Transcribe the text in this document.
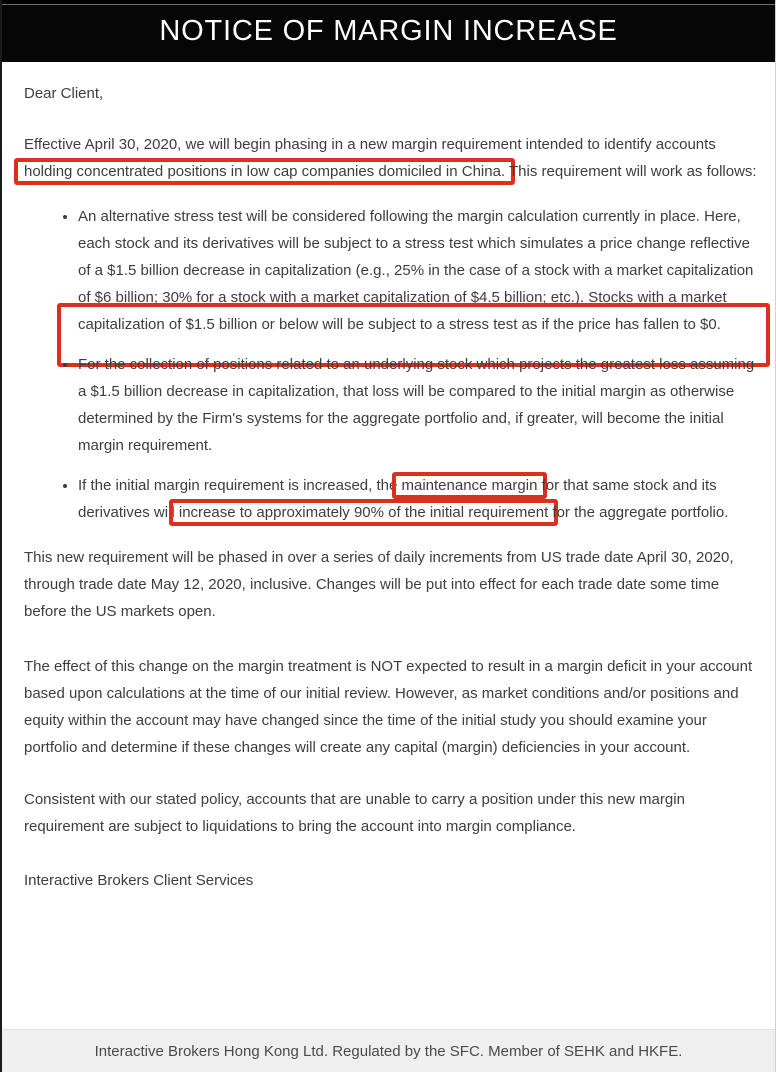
NOTICE OF MARGIN INCREASE

Dear Client,

Effective April 30, 2020, we will begin phasing in a new margin requirement intended to identify accounts holding concentrated positions in low cap companies domiciled in China. This requirement will work as follows:

• An alternative stress test will be considered following the margin calculation currently in place. Here, each stock and its derivatives will be subject to a stress test which simulates a price change reflective of a $1.5 billion decrease in capitalization (e.g., 25% in the case of a stock with a market capitalization of $6 billion; 30% for a stock with a market capitalization of $4.5 billion; etc.). Stocks with a market capitalization of $1.5 billion or below will be subject to a stress test as if the price has fallen to $0.
• For the collection of positions related to an underlying stock which projects the greatest loss assuming a $1.5 billion decrease in capitalization, that loss will be compared to the initial margin as otherwise determined by the Firm's systems for the aggregate portfolio and, if greater, will become the initial margin requirement.
• If the initial margin requirement is increased, the maintenance margin for that same stock and its derivatives will increase to approximately 90% of the initial requirement for the aggregate portfolio.

This new requirement will be phased in over a series of daily increments from US trade date April 30, 2020, through trade date May 12, 2020, inclusive. Changes will be put into effect for each trade date some time before the US markets open.

The effect of this change on the margin treatment is NOT expected to result in a margin deficit in your account based upon calculations at the time of our initial review. However, as market conditions and/or positions and equity within the account may have changed since the time of the initial study you should examine your portfolio and determine if these changes will create any capital (margin) deficiencies in your account.

Consistent with our stated policy, accounts that are unable to carry a position under this new margin requirement are subject to liquidations to bring the account into margin compliance.

Interactive Brokers Client Services

Interactive Brokers Hong Kong Ltd. Regulated by the SFC. Member of SEHK and HKFE.
